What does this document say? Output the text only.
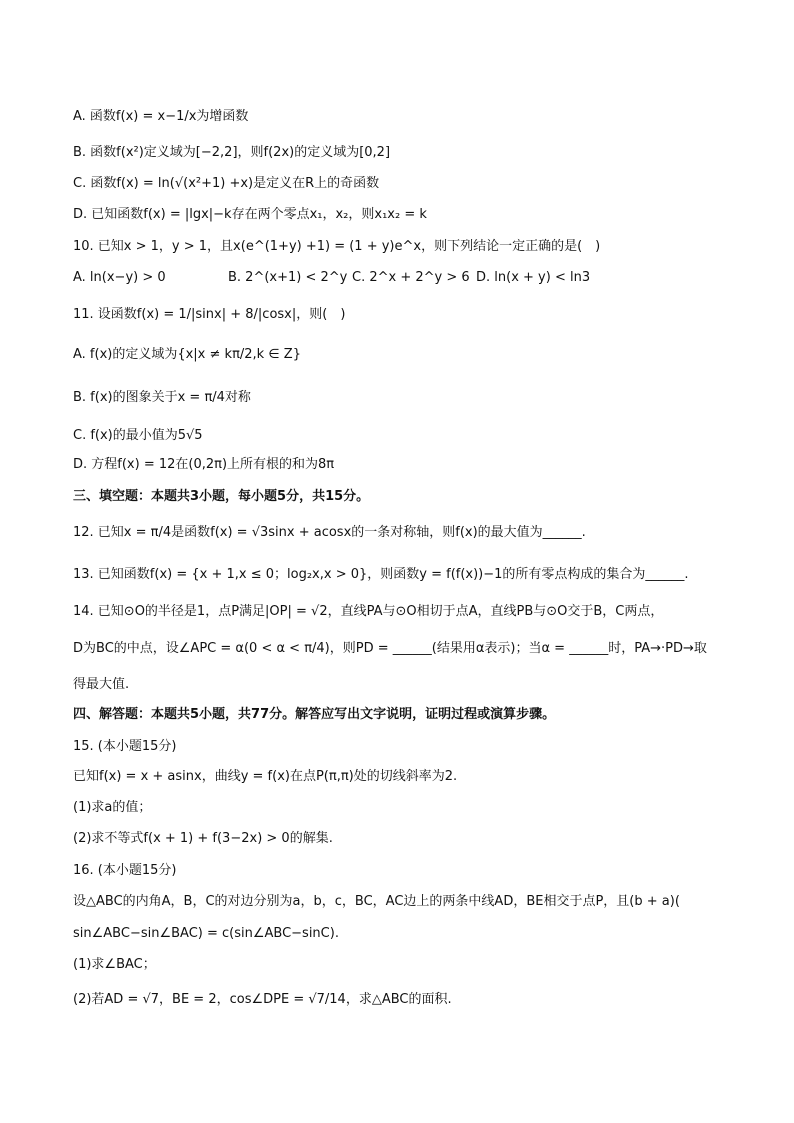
A. 函数f(x) = x−1/x为增函数
B. 函数f(x²)定义域为[−2,2]，则f(2x)的定义域为[0,2]
C. 函数f(x) = ln(√(x²+1) +x)是定义在R上的奇函数
D. 已知函数f(x) = |lgx|−k存在两个零点x₁，x₂，则x₁x₂ = k
10. 已知x > 1，y > 1，且x(e^(1+y) +1) = (1 + y)e^x，则下列结论一定正确的是(　)
A. ln(x−y) > 0	B. 2^(x+1) < 2^y C. 2^x + 2^y > 6 D. ln(x + y) < ln3
11. 设函数f(x) = 1/|sinx| + 8/|cosx|，则(　)
A. f(x)的定义域为{x|x ≠ kπ/2,k ∈ Z}
B. f(x)的图象关于x = π/4对称
C. f(x)的最小值为5√5
D. 方程f(x) = 12在(0,2π)上所有根的和为8π
三、填空题：本题共3小题，每小题5分，共15分。
12. 已知x = π/4是函数f(x) = √3sinx + acosx的一条对称轴，则f(x)的最大值为______.
13. 已知函数f(x) = {x + 1,x ≤ 0；log₂x,x > 0}，则函数y = f(f(x))−1的所有零点构成的集合为______.
14. 已知⊙O的半径是1，点P满足|OP| = √2，直线PA与⊙O相切于点A，直线PB与⊙O交于B，C两点，
D为BC的中点，设∠APC = α(0 < α < π/4)，则PD = ______(结果用α表示)；当α = ______时，PA→·PD→取
得最大值.
四、解答题：本题共5小题，共77分。解答应写出文字说明，证明过程或演算步骤。
15. (本小题15分)
已知f(x) = x + asinx，曲线y = f(x)在点P(π,π)处的切线斜率为2.
(1)求a的值；
(2)求不等式f(x + 1) + f(3−2x) > 0的解集.
16. (本小题15分)
设△ABC的内角A，B，C的对边分别为a，b，c，BC，AC边上的两条中线AD，BE相交于点P，且(b + a)(
sin∠ABC−sin∠BAC) = c(sin∠ABC−sinC).
(1)求∠BAC；
(2)若AD = √7，BE = 2，cos∠DPE = √7/14，求△ABC的面积.
